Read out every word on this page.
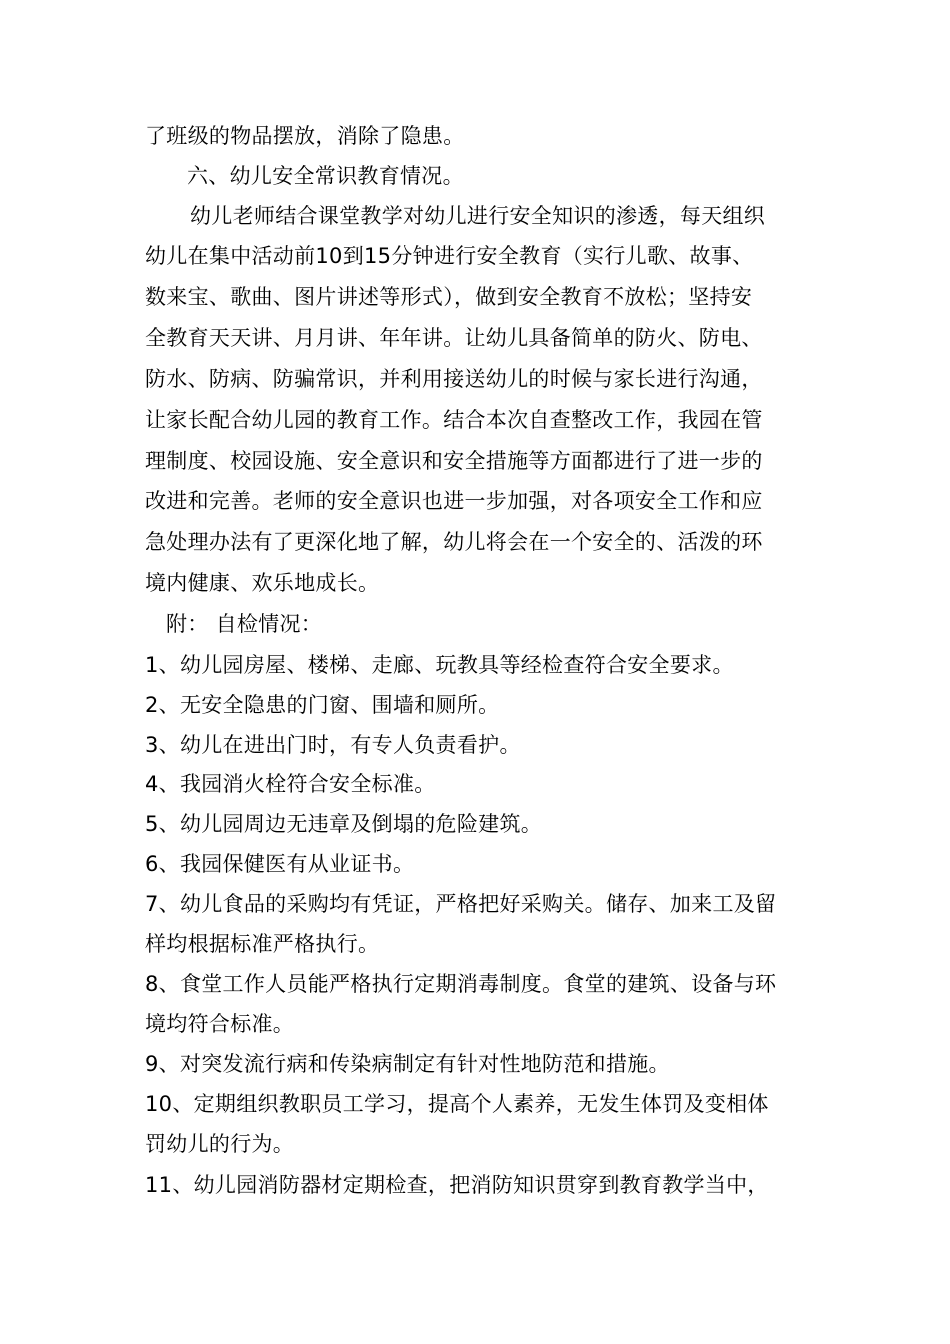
了班级的物品摆放，消除了隐患。
六、幼儿安全常识教育情况。
幼儿老师结合课堂教学对幼儿进行安全知识的渗透，每天组织
幼儿在集中活动前10到15分钟进行安全教育（实行儿歌、故事、
数来宝、歌曲、图片讲述等形式），做到安全教育不放松；坚持安
全教育天天讲、月月讲、年年讲。让幼儿具备简单的防火、防电、
防水、防病、防骗常识，并利用接送幼儿的时候与家长进行沟通，
让家长配合幼儿园的教育工作。结合本次自查整改工作，我园在管
理制度、校园设施、安全意识和安全措施等方面都进行了进一步的
改进和完善。老师的安全意识也进一步加强，对各项安全工作和应
急处理办法有了更深化地了解，幼儿将会在一个安全的、活泼的环
境内健康、欢乐地成长。
附： 自检情况：
1、幼儿园房屋、楼梯、走廊、玩教具等经检查符合安全要求。
2、无安全隐患的门窗、围墙和厕所。
3、幼儿在进出门时，有专人负责看护。
4、我园消火栓符合安全标准。
5、幼儿园周边无违章及倒塌的危险建筑。
6、我园保健医有从业证书。
7、幼儿食品的采购均有凭证，严格把好采购关。储存、加来工及留
样均根据标准严格执行。
8、食堂工作人员能严格执行定期消毒制度。食堂的建筑、设备与环
境均符合标准。
9、对突发流行病和传染病制定有针对性地防范和措施。
10、定期组织教职员工学习，提高个人素养，无发生体罚及变相体
罚幼儿的行为。
11、幼儿园消防器材定期检查，把消防知识贯穿到教育教学当中，
